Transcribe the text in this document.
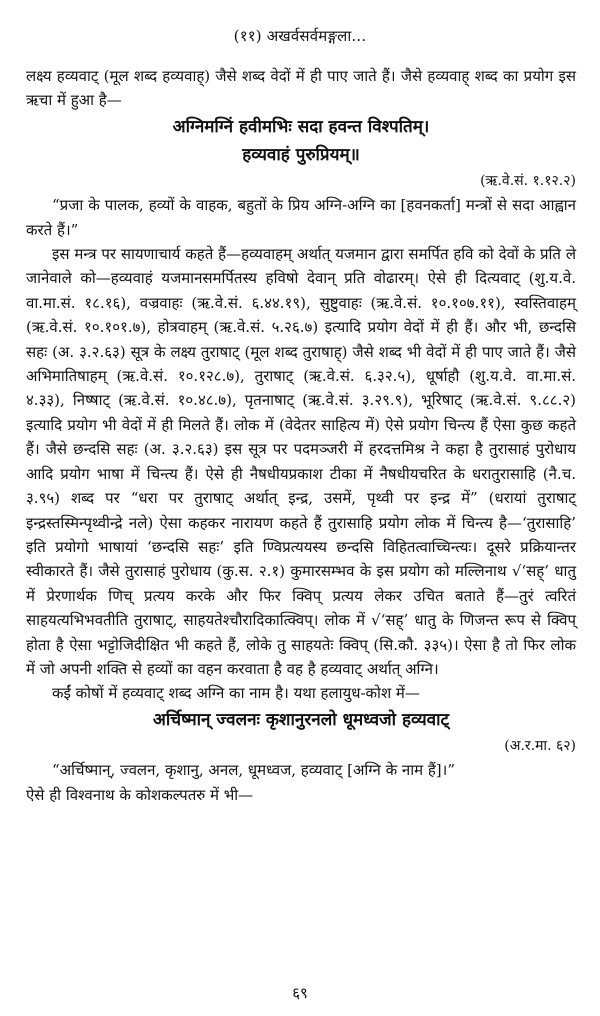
(११) अखर्वसर्वमङ्गला...

लक्ष्य हव्यवाट् (मूल शब्द हव्यवाह्) जैसे शब्द वेदों में ही पाए जाते हैं। जैसे हव्यवाह् शब्द का प्रयोग इस ऋचा में हुआ है—

अग्निमग्निं हवीमभिः सदा हवन्त विश्पतिम्।

हव्यवाहं पुरुप्रियम्॥

(ऋ.वे.सं. १.१२.२)

“प्रजा के पालक, हव्यों के वाहक, बहुतों के प्रिय अग्नि-अग्नि का [हवनकर्ता] मन्त्रों से सदा आह्वान करते हैं।”

इस मन्त्र पर सायणाचार्य कहते हैं—हव्यवाहम् अर्थात् यजमान द्वारा समर्पित हवि को देवों के प्रति ले जानेवाले को—हव्यवाहं यजमानसमर्पितस्य हविषो देवान् प्रति वोढारम्। ऐसे ही दित्यवाट् (शु.य.वे. वा.मा.सं. १८.१६), वज्रवाहः (ऋ.वे.सं. ६.४४.१९), सुष्टुवाहः (ऋ.वे.सं. १०.१०७.११), स्वस्तिवाहम् (ऋ.वे.सं. १०.१०१.७), होत्रवाहम् (ऋ.वे.सं. ५.२६.७) इत्यादि प्रयोग वेदों में ही हैं। और भी, छन्दसि सहः (अ. ३.२.६३) सूत्र के लक्ष्य तुराषाट् (मूल शब्द तुराषाह्) जैसे शब्द भी वेदों में ही पाए जाते हैं। जैसे अभिमातिषाहम् (ऋ.वे.सं. १०.१२८.७), तुराषाट् (ऋ.वे.सं. ६.३२.५), धूर्षाहौ (शु.य.वे. वा.मा.सं. ४.३३), निष्षाट् (ऋ.वे.सं. १०.४८.७), पृतनाषाट् (ऋ.वे.सं. ३.२९.९), भूरिषाट् (ऋ.वे.सं. ९.८८.२) इत्यादि प्रयोग भी वेदों में ही मिलते हैं। लोक में (वेदेतर साहित्य में) ऐसे प्रयोग चिन्त्य हैं ऐसा कुछ कहते हैं। जैसे छन्दसि सहः (अ. ३.२.६३) इस सूत्र पर पदमञ्जरी में हरदत्तमिश्र ने कहा है तुरासाहं पुरोधाय आदि प्रयोग भाषा में चिन्त्य हैं। ऐसे ही नैषधीयप्रकाश टीका में नैषधीयचरित के धरातुरासाहि (नै.च. ३.९५) शब्द पर “धरा पर तुराषाट् अर्थात् इन्द्र, उसमें, पृथ्वी पर इन्द्र में” (धरायां तुराषाट् इन्द्रस्तस्मिन्पृथ्वीन्द्रे नले) ऐसा कहकर नारायण कहते हैं तुरासाहि प्रयोग लोक में चिन्त्य है—‘तुरासाहि’ इति प्रयोगो भाषायां ‘छन्दसि सहः’ इति ण्विप्रत्ययस्य छन्दसि विहितत्वाच्चिन्त्यः। दूसरे प्रक्रियान्तर स्वीकारते हैं। जैसे तुरासाहं पुरोधाय (कु.स. २.१) कुमारसम्भव के इस प्रयोग को मल्लिनाथ √‘सह्’ धातु में प्रेरणार्थक णिच् प्रत्यय करके और फिर क्विप् प्रत्यय लेकर उचित बताते हैं—तुरं त्वरितं साहयत्यभिभवतीति तुराषाट्, साहयतेश्चौरादिकात्क्विप्। लोक में √‘सह्’ धातु के णिजन्त रूप से क्विप् होता है ऐसा भट्टोजिदीक्षित भी कहते हैं, लोके तु साहयतेः क्विप् (सि.कौ. ३३५)। ऐसा है तो फिर लोक में जो अपनी शक्ति से हव्यों का वहन करवाता है वह है हव्यवाट् अर्थात् अग्नि।

कईं कोषों में हव्यवाट् शब्द अग्नि का नाम है। यथा हलायुध-कोश में—

अर्चिष्मान् ज्वलनः कृशानुरनलो धूमध्वजो हव्यवाट्

(अ.र.मा. ६२)

“अर्चिष्मान्, ज्वलन, कृशानु, अनल, धूमध्वज, हव्यवाट् [अग्नि के नाम हैं]।”

ऐसे ही विश्वनाथ के कोशकल्पतरु में भी—

६९
